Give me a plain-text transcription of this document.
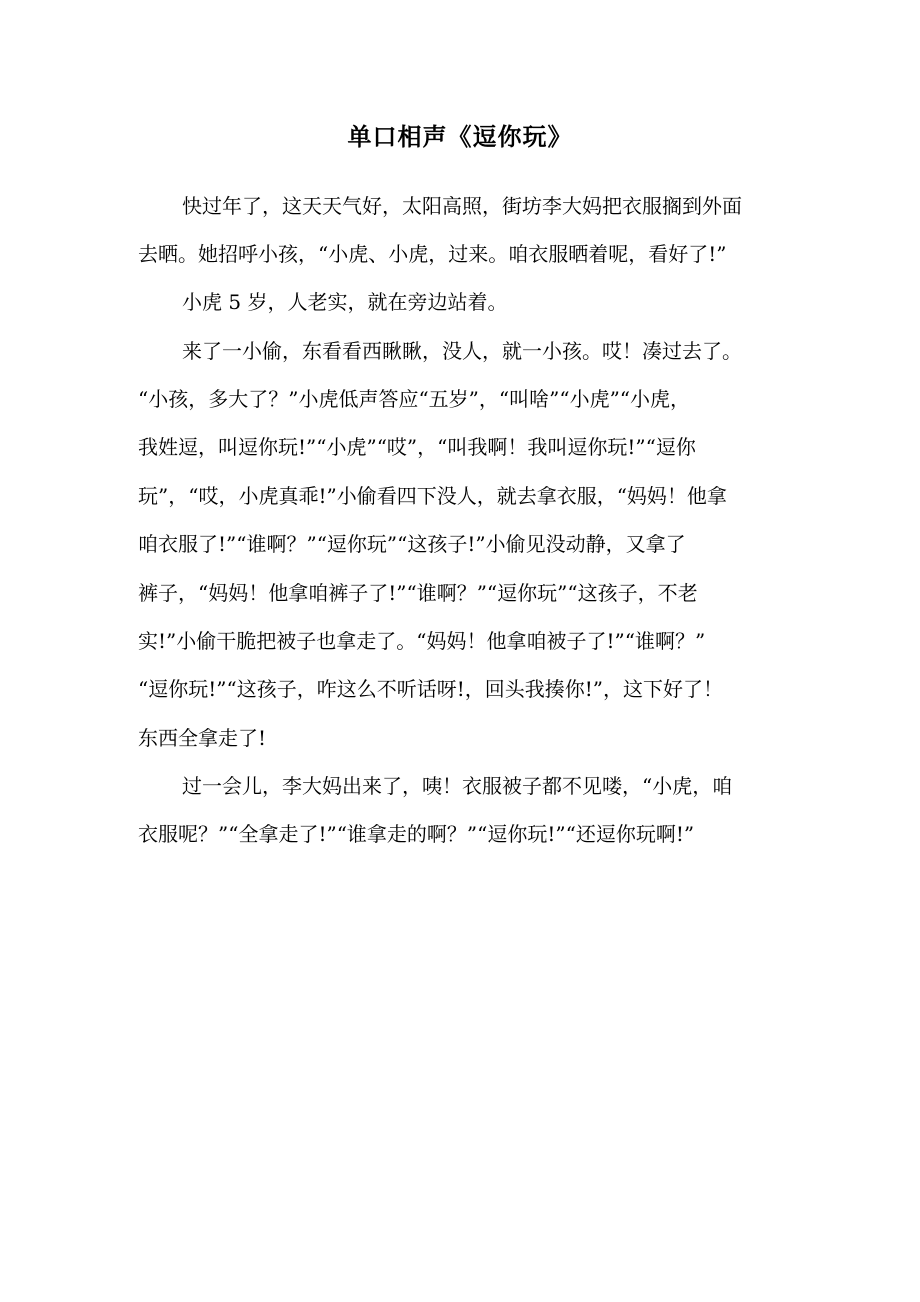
单口相声《逗你玩》
快过年了，这天天气好，太阳高照，街坊李大妈把衣服搁到外面
去晒。她招呼小孩，“小虎、小虎，过来。咱衣服晒着呢，看好了!”
小虎 5 岁，人老实，就在旁边站着。
来了一小偷，东看看西瞅瞅，没人，就一小孩。哎！凑过去了。
“小孩，多大了？”小虎低声答应“五岁”，“叫啥”“小虎”“小虎，
我姓逗，叫逗你玩!”“小虎”“哎”，“叫我啊！我叫逗你玩!”“逗你
玩”，“哎，小虎真乖!”小偷看四下没人，就去拿衣服，“妈妈！他拿
咱衣服了!”“谁啊？”“逗你玩”“这孩子!”小偷见没动静，又拿了
裤子，“妈妈！他拿咱裤子了!”“谁啊？”“逗你玩”“这孩子，不老
实!”小偷干脆把被子也拿走了。“妈妈！他拿咱被子了!”“谁啊？”
“逗你玩!”“这孩子，咋这么不听话呀!，回头我揍你!”，这下好了！
东西全拿走了!
过一会儿，李大妈出来了，咦！衣服被子都不见喽，“小虎，咱
衣服呢？”“全拿走了!”“谁拿走的啊？”“逗你玩!”“还逗你玩啊!”
